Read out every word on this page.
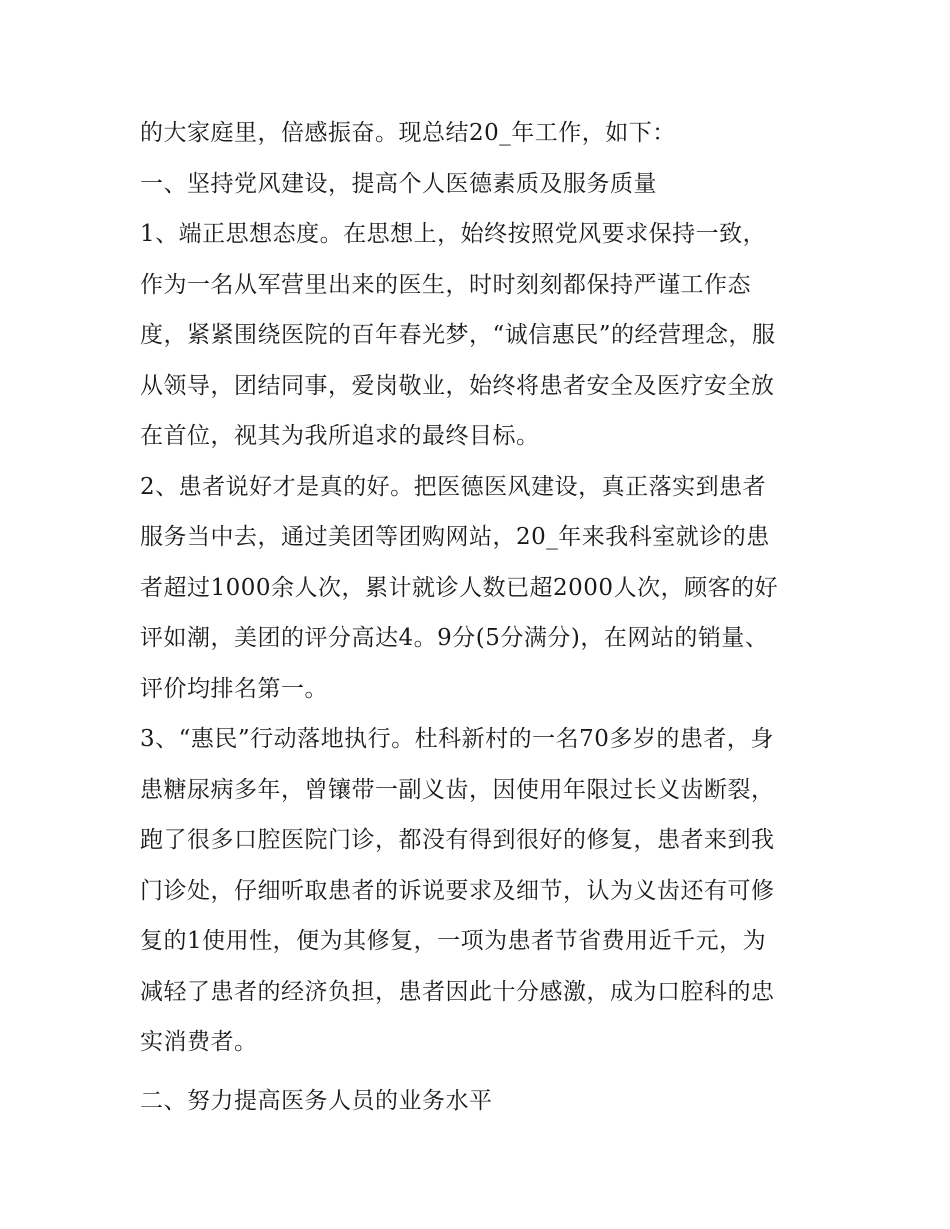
的大家庭里，倍感振奋。现总结20_年工作，如下：
一、坚持党风建设，提高个人医德素质及服务质量
1、端正思想态度。在思想上，始终按照党风要求保持一致，
作为一名从军营里出来的医生，时时刻刻都保持严谨工作态
度，紧紧围绕医院的百年春光梦，“诚信惠民”的经营理念，服
从领导，团结同事，爱岗敬业，始终将患者安全及医疗安全放
在首位，视其为我所追求的最终目标。
2、患者说好才是真的好。把医德医风建设，真正落实到患者
服务当中去，通过美团等团购网站，20_年来我科室就诊的患
者超过1000余人次，累计就诊人数已超2000人次，顾客的好
评如潮，美团的评分高达4。9分(5分满分)，在网站的销量、
评价均排名第一。
3、“惠民”行动落地执行。杜科新村的一名70多岁的患者，身
患糖尿病多年，曾镶带一副义齿，因使用年限过长义齿断裂，
跑了很多口腔医院门诊，都没有得到很好的修复，患者来到我
门诊处，仔细听取患者的诉说要求及细节，认为义齿还有可修
复的1使用性，便为其修复，一项为患者节省费用近千元，为
减轻了患者的经济负担，患者因此十分感激，成为口腔科的忠
实消费者。
二、努力提高医务人员的业务水平
